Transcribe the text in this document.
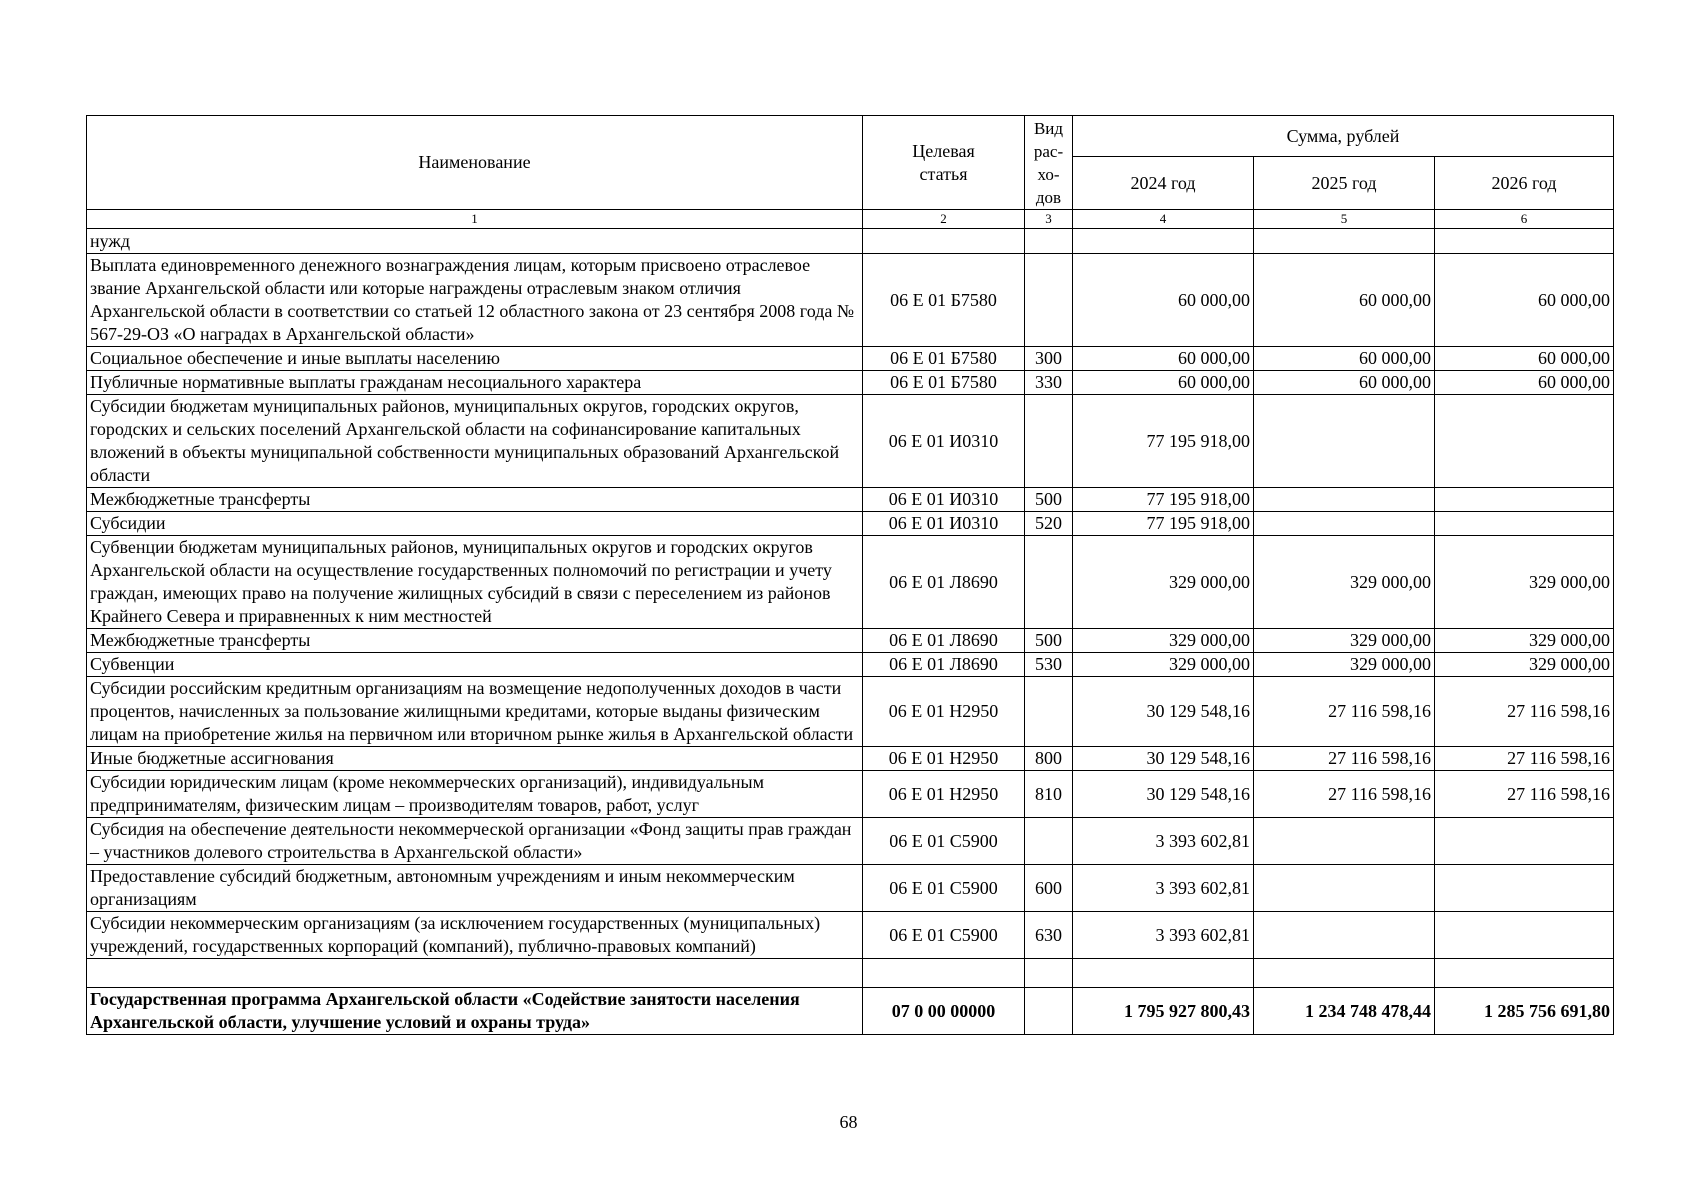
Наименование	Целевая статья	Вид
рас-
хо-
дов	Сумма, рублей		
			2024 год	2025 год	2026 год
1	2	3	4	5	6
нужд					
Выплата единовременного денежного вознаграждения лицам, которым присвоено отраслевое звание Архангельской области или которые награждены отраслевым знаком отличия Архангельской области в соответствии со статьей 12 областного закона от 23 сентября 2008 года № 567-29-ОЗ «О наградах в Архангельской области»	06 Е 01 Б7580		60 000,00	60 000,00	60 000,00
Социальное обеспечение и иные выплаты населению	06 Е 01 Б7580	300	60 000,00	60 000,00	60 000,00
Публичные нормативные выплаты гражданам несоциального характера	06 Е 01 Б7580	330	60 000,00	60 000,00	60 000,00
Субсидии бюджетам муниципальных районов, муниципальных округов, городских округов, городских и сельских поселений Архангельской области на софинансирование капитальных вложений в объекты муниципальной собственности муниципальных образований Архангельской области	06 Е 01 И0310		77 195 918,00		
Межбюджетные трансферты	06 Е 01 И0310	500	77 195 918,00		
Субсидии	06 Е 01 И0310	520	77 195 918,00		
Субвенции бюджетам муниципальных районов, муниципальных округов и городских округов Архангельской области на осуществление государственных полномочий по регистрации и учету граждан, имеющих право на получение жилищных субсидий в связи с переселением из районов Крайнего Севера и приравненных к ним местностей	06 Е 01 Л8690		329 000,00	329 000,00	329 000,00
Межбюджетные трансферты	06 Е 01 Л8690	500	329 000,00	329 000,00	329 000,00
Субвенции	06 Е 01 Л8690	530	329 000,00	329 000,00	329 000,00
Субсидии российским кредитным организациям на возмещение недополученных доходов в части процентов, начисленных за пользование жилищными кредитами, которые выданы физическим лицам на приобретение жилья на первичном или вторичном рынке жилья в Архангельской области	06 Е 01 Н2950		30 129 548,16	27 116 598,16	27 116 598,16
Иные бюджетные ассигнования	06 Е 01 Н2950	800	30 129 548,16	27 116 598,16	27 116 598,16
Субсидии юридическим лицам (кроме некоммерческих организаций), индивидуальным предпринимателям, физическим лицам – производителям товаров, работ, услуг	06 Е 01 Н2950	810	30 129 548,16	27 116 598,16	27 116 598,16
Субсидия на обеспечение деятельности некоммерческой организации «Фонд защиты прав граждан – участников долевого строительства в Архангельской области»	06 Е 01 С5900		3 393 602,81		
Предоставление субсидий бюджетным, автономным учреждениям и иным некоммерческим организациям	06 Е 01 С5900	600	3 393 602,81		
Субсидии некоммерческим организациям (за исключением государственных (муниципальных) учреждений, государственных корпораций (компаний), публично-правовых компаний)	06 Е 01 С5900	630	3 393 602,81		

Государственная программа Архангельской области «Содействие занятости населения Архангельской области, улучшение условий и охраны труда»	07 0 00 00000		1 795 927 800,43	1 234 748 478,44	1 285 756 691,80
68
